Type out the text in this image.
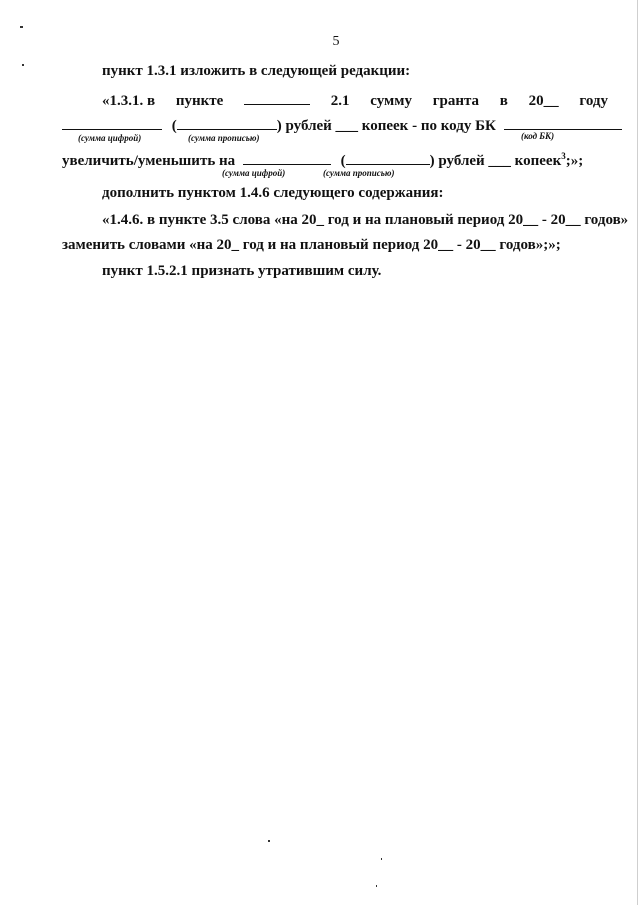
5
пункт 1.3.1 изложить в следующей редакции:
«1.3.1. в пункте	2.1 сумму гранта в 20__ году
(	) рублей ___ копеек - по коду БК
(сумма цифрой)	(сумма прописью)	(код БК)
увеличить/уменьшить на	(	) рублей ___ копеек$^3$;»;
(сумма цифрой)	(сумма прописью)
дополнить пунктом 1.4.6 следующего содержания:
«1.4.6. в пункте 3.5 слова «на 20_ год и на плановый период 20__ - 20__ годов»
заменить словами «на 20_ год и на плановый период 20__ - 20__ годов»;»;
пункт 1.5.2.1 признать утратившим силу.
